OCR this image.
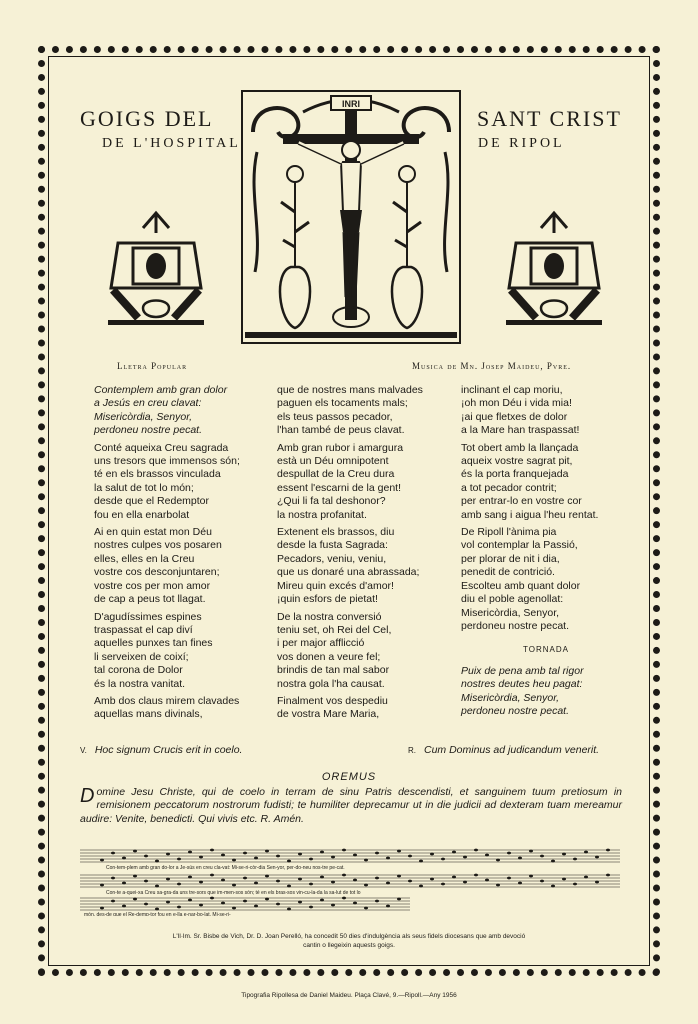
GOIGS DEL	SANT CRIST
DE L'HOSPITAL	DE RIPOL
INRI
Lletra Popular	Musica de Mn. Josep Maideu, Pvre.
Contemplem amb gran dolor
a Jesús en creu clavat:
Misericòrdia, Senyor,
perdoneu nostre pecat.
Conté aqueixa Creu sagrada
uns tresors que immensos són;
té en els brassos vinculada
la salut de tot lo món;
desde que el Redemptor
fou en ella enarbolat
Ai en quin estat mon Déu
nostres culpes vos posaren
elles, elles en la Creu
vostre cos desconjuntaren;
vostre cos per mon amor
de cap a peus tot llagat.
D'agudíssimes espines
traspassat el cap diví
aquelles punxes tan fines
li serveixen de coixí;
tal corona de Dolor
és la nostra vanitat.
Amb dos claus mirem clavades
aquellas mans divinals,
que de nostres mans malvades
paguen els tocaments mals;
els teus passos pecador,
l'han també de peus clavat.
Amb gran rubor i amargura
està un Déu omnipotent
despullat de la Creu dura
essent l'escarni de la gent!
¿Qui li fa tal deshonor?
la nostra profanitat.
Extenent els brassos, diu
desde la fusta Sagrada:
Pecadors, veniu, veniu,
que us donaré una abrassada;
Mireu quin excés d'amor!
¡quin esfors de pietat!
De la nostra conversió
teniu set, oh Rei del Cel,
i per major afflicció
vos donen a veure fel;
brindis de tan mal sabor
nostra gola l'ha causat.
Finalment vos despediu
de vostra Mare Maria,
inclinant el cap moriu,
¡oh mon Déu i vida mia!
¡ai que fletxes de dolor
a la Mare han traspassat!
Tot obert amb la llançada
aqueix vostre sagrat pit,
és la porta franquejada
a tot pecador contrit;
per entrar-lo en vostre cor
amb sang i aigua l'heu rentat.
De Ripoll l'ànima pia
vol contemplar la Passió,
per plorar de nit i dia,
penedit de contrició.
Escolteu amb quant dolor
diu el poble agenollat:
Misericòrdia, Senyor,
perdoneu nostre pecat.
TORNADA
Puix de pena amb tal rigor
nostres deutes heu pagat:
Misericòrdia, Senyor,
perdoneu nostre pecat.
V. Hoc signum Crucis erit in coelo.	R. Cum Dominus ad judicandum venerit.
OREMUS
Domine Jesu Christe, qui de coelo in terram de sinu Patris descendisti, et sanguinem tuum pretiosum in remisionem peccatorum nostrorum fudisti; te humiliter deprecamur ut in die judicii ad dexteram tuam mereamur audire: Venite, benedicti. Qui vivis etc. R. Amén.
Con-tem-plem amb gran do-lor a Je-sús en creu cla-vat: Mi-se-ri-còr-dia Sen-yor, per-do-neu nos-tre pe-cat.
Con-te a-quei-xa Creu sa-gra-da uns tre-sors que im-men-sos són; té en els bras-sos vin-cu-la-da la sa-lut de tot lo
món, des-de que el Re-demp-tor fou en e-lla e-nar-bo-lat. Mi-se-ri-
L'Il·lm. Sr. Bisbe de Vich, Dr. D. Joan Perelló, ha concedit 50 dies d'indulgència als seus fidels diocesans que amb devoció
cantin o llegeixin aquests goigs.
Tipografia Ripollesa de Daniel Maideu. Plaça Clavé, 9.—Ripoll.—Any 1956
